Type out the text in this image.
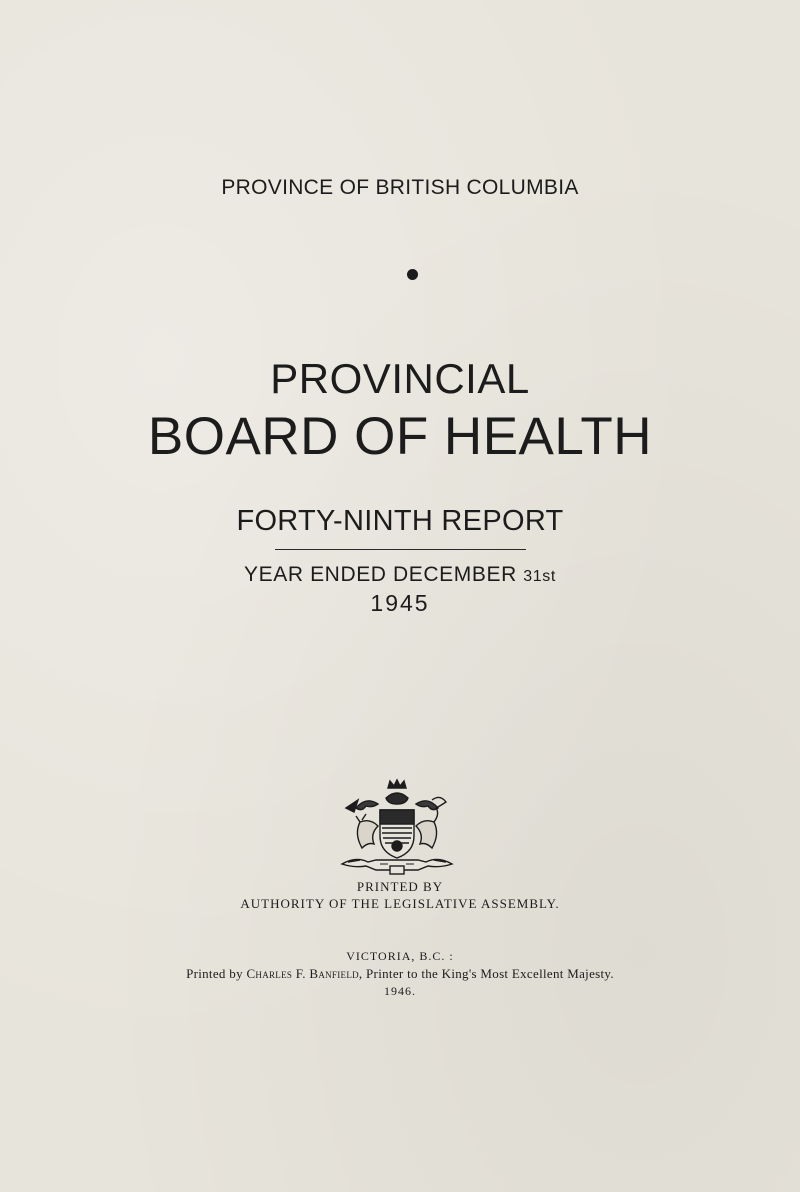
PROVINCE OF BRITISH COLUMBIA
PROVINCIAL
BOARD OF HEALTH
FORTY-NINTH REPORT
YEAR ENDED DECEMBER 31st
1945
PRINTED BY
AUTHORITY OF THE LEGISLATIVE ASSEMBLY.
VICTORIA, B.C. :
Printed by Charles F. Banfield, Printer to the King's Most Excellent Majesty.
1946.
